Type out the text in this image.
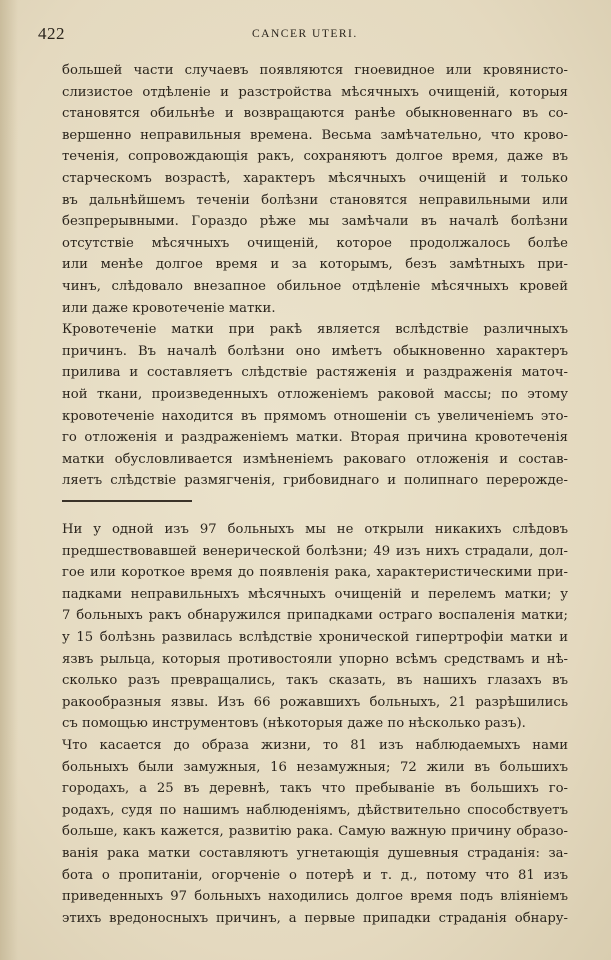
422	CANCER UTERI.
большей части случаевъ появляются гноевидное или кровянисто-
слизистое отдѣленіе и разстройства мѣсячныхъ очищеній, которыя
становятся обильнѣе и возвращаются ранѣе обыкновеннаго въ со-
вершенно неправильныя времена. Весьма замѣчательно, что крово-
теченія, сопровождающія ракъ, сохраняютъ долгое время, даже въ
старческомъ возрастѣ, характеръ мѣсячныхъ очищеній и только
въ дальнѣйшемъ теченіи болѣзни становятся неправильными или
безпрерывными. Гораздо рѣже мы замѣчали въ началѣ болѣзни
отсутствіе мѣсячныхъ очищеній, которое продолжалось болѣе
или менѣе долгое время и за которымъ, безъ замѣтныхъ при-
чинъ, слѣдовало внезапное обильное отдѣленіе мѣсячныхъ кровей
или даже кровотеченіе матки.
Кровотеченіе матки при ракѣ является вслѣдствіе различныхъ
причинъ. Въ началѣ болѣзни оно имѣетъ обыкновенно характеръ
прилива и составляетъ слѣдствіе растяженія и раздраженія маточ-
ной ткани, произведенныхъ отложеніемъ раковой массы; по этому
кровотеченіе находится въ прямомъ отношеніи съ увеличеніемъ это-
го отложенія и раздраженіемъ матки. Вторая причина кровотеченія
матки обусловливается измѣненіемъ раковаго отложенія и состав-
ляетъ слѣдствіе размягченія, грибовиднаго и полипнаго перерожде-
Ни у одной изъ 97 больныхъ мы не открыли никакихъ слѣдовъ
предшествовавшей венерической болѣзни; 49 изъ нихъ страдали, дол-
гое или короткое время до появленія рака, характеристическими при-
падками неправильныхъ мѣсячныхъ очищеній и перелемъ матки; у
7 больныхъ ракъ обнаружился припадками остраго воспаленія матки;
у 15 болѣзнь развилась вслѣдствіе хронической гипертрофіи матки и
язвъ рыльца, которыя противостояли упорно всѣмъ средствамъ и нѣ-
сколько разъ превращались, такъ сказать, въ нашихъ глазахъ въ
ракообразныя язвы. Изъ 66 рожавшихъ больныхъ, 21 разрѣшились
съ помощью инструментовъ (нѣкоторыя даже по нѣсколько разъ).
Что касается до образа жизни, то 81 изъ наблюдаемыхъ нами
больныхъ были замужныя, 16 незамужныя; 72 жили въ большихъ
городахъ, а 25 въ деревнѣ, такъ что пребываніе въ большихъ го-
родахъ, судя по нашимъ наблюденіямъ, дѣйствительно способствуетъ
больше, какъ кажется, развитію рака. Самую важную причину образо-
ванія рака матки составляютъ угнетающія душевныя страданія: за-
бота о пропитаніи, огорченіе о потерѣ и т. д., потому что 81 изъ
приведенныхъ 97 больныхъ находились долгое время подъ вліяніемъ
этихъ вредоносныхъ причинъ, а первые припадки страданія обнару-
